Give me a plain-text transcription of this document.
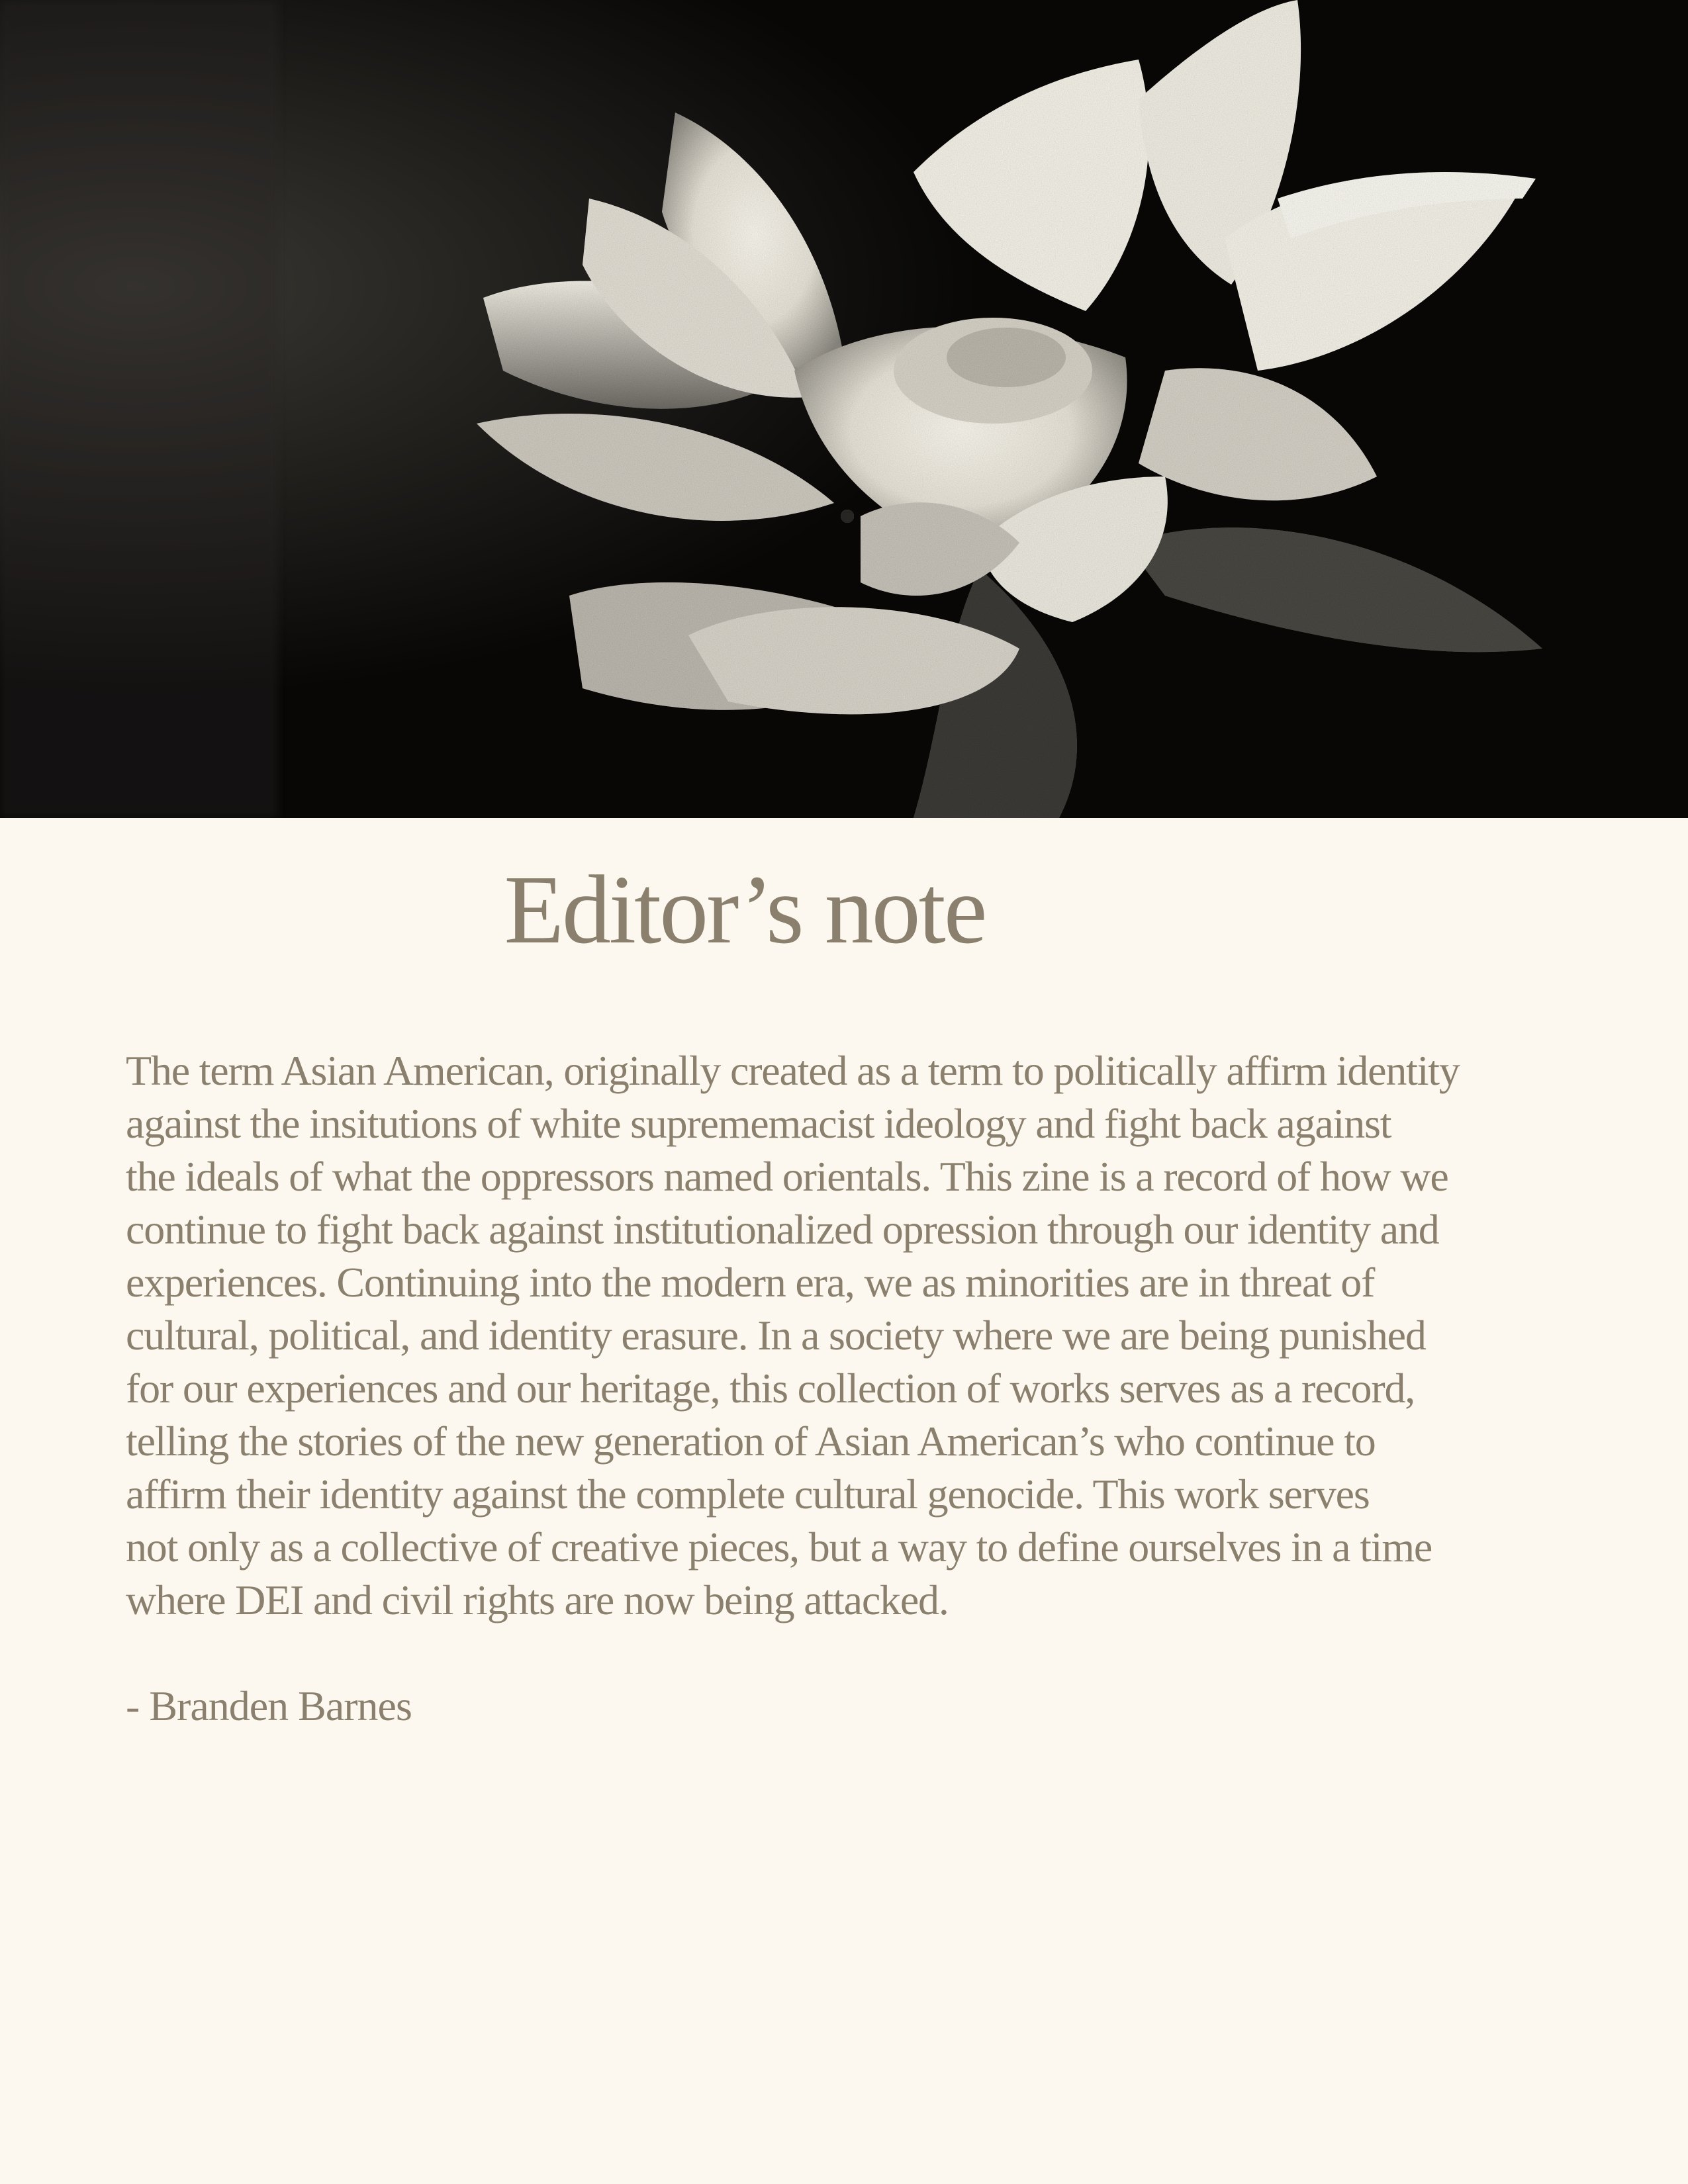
Editor’s note
The term Asian American, originally created as a term to politically affirm identity
against the insitutions of white suprememacist ideology and fight back against
the ideals of what the oppressors named orientals. This zine is a record of how we
continue to fight back against institutionalized opression through our identity and
experiences. Continuing into the modern era, we as minorities are in threat of
cultural, political, and identity erasure. In a society where we are being punished
for our experiences and our heritage, this collection of works serves as a record,
telling the stories of the new generation of Asian American’s who continue to
affirm their identity against the complete cultural genocide. This work serves
not only as a collective of creative pieces, but a way to define ourselves in a time
where DEI and civil rights are now being attacked.
- Branden Barnes
